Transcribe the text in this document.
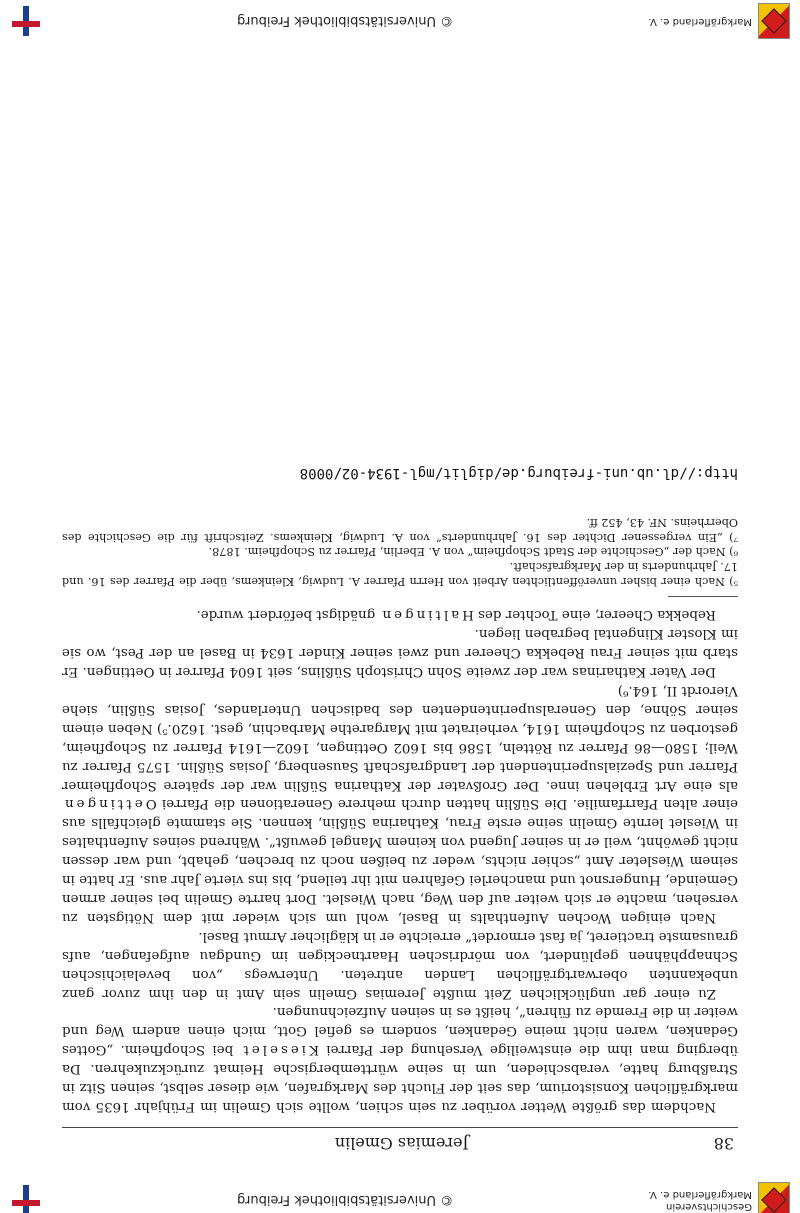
Geschichtsverein
Markgräflerland e. V.
© Universitätsbibliothek Freiburg
38
Jeremias Gmelin

Nachdem das größte Wetter vorüber zu sein schien, wollte sich Gmelin im Frühjahr 1635 vom markgräflichen Konsistorium, das seit der Flucht des Markgrafen, wie dieser selbst, seinen Sitz in Straßburg hatte, verabschieden, um in seine württembergische Heimat zurückzukehren. Da überging man ihm die einstweilige Versehung der Pfarrei Kieselet bei Schopfheim. „Gottes Gedanken, waren nicht meine Gedanken, sondern es gefiel Gott, mich einen andern Weg und weiter in die Fremde zu führen“, heißt es in seinen Aufzeichnungen.

Zu einer gar unglücklichen Zeit mußte Jeremias Gmelin sein Amt in den ihm zuvor ganz unbekannten oberwartgräflichen Landen antreten. Unterwegs „von bevelaichischen Schnapphähnen geplündert, von mördrischen Haartneckigen im Gundgau aufgefangen, aufs grausamste tractieret, ja fast ermordet“ erreichte er in kläglicher Armut Basel.

Nach einigen Wochen Aufenthalts in Basel, wohl um sich wieder mit dem Nötigsten zu versehen, machte er sich weiter auf den Weg, nach Wieslet. Dort harrte Gmelin bei seiner armen Gemeinde, Hungersnot und mancherlei Gefahren mit ihr teilend, bis ins vierte Jahr aus. Er hatte in seinem Wiesleter Amt „schier nichts, weder zu beißen noch zu brechen, gehabt, und war dessen nicht gewöhnt, weil er in seiner Jugend von keinem Mangel gewußt“. Während seines Aufenthaltes in Wieslet lernte Gmelin seine erste Frau, Katharina Süßlin, kennen. Sie stammte gleichfalls aus einer alten Pfarrfamilie. Die Süßlin hatten durch mehrere Generationen die Pfarrei Oettingen als eine Art Erblehen inne. Der Großvater der Katharina Süßlin war der spätere Schopfheimer Pfarrer und Spezialsuperintendent der Landgrafschaft Sausenberg, Josias Süßlin. 1575 Pfarrer zu Weil; 1580—86 Pfarrer zu Rötteln, 1586 bis 1602 Oettingen, 1602—1614 Pfarrer zu Schopfheim, gestorben zu Schopfheim 1614, verheiratet mit Margarethe Marbachin, gest. 1620.⁵) Neben einem seiner Söhne, den Generalsuperintendenten des badischen Unterlandes, Josias Süßlin, siehe Vierordt II, 164.⁶)

Der Vater Katharinas war der zweite Sohn Christoph Süßlins, seit 1604 Pfarrer in Oettingen. Er starb mit seiner Frau Rebekka Cheerer und zwei seiner Kinder 1634 in Basel an der Pest, wo sie im Kloster Klingental begraben liegen.

Rebekka Cheerer, eine Tochter des Haltingen gnädigst befördert wurde.

⁵) Nach einer bisher unveröffentlichten Arbeit von Herrn Pfarrer A. Ludwig, Kleinkems, über die Pfarrer des 16. und 17. Jahrhunderts in der Markgrafschaft.

⁶) Nach der „Geschichte der Stadt Schopfheim“ von A. Eberlin, Pfarrer zu Schopfheim. 1878.

⁷) „Ein vergessener Dichter des 16. Jahrhunderts“ von A. Ludwig, Kleinkems. Zeitschrift für die Geschichte des Oberrheins. NF. 43, 452 ff.

http://dl.ub.uni-freiburg.de/diglit/mgl-1934-02/0008
Markgräflerland e. V.
© Universitätsbibliothek Freiburg
